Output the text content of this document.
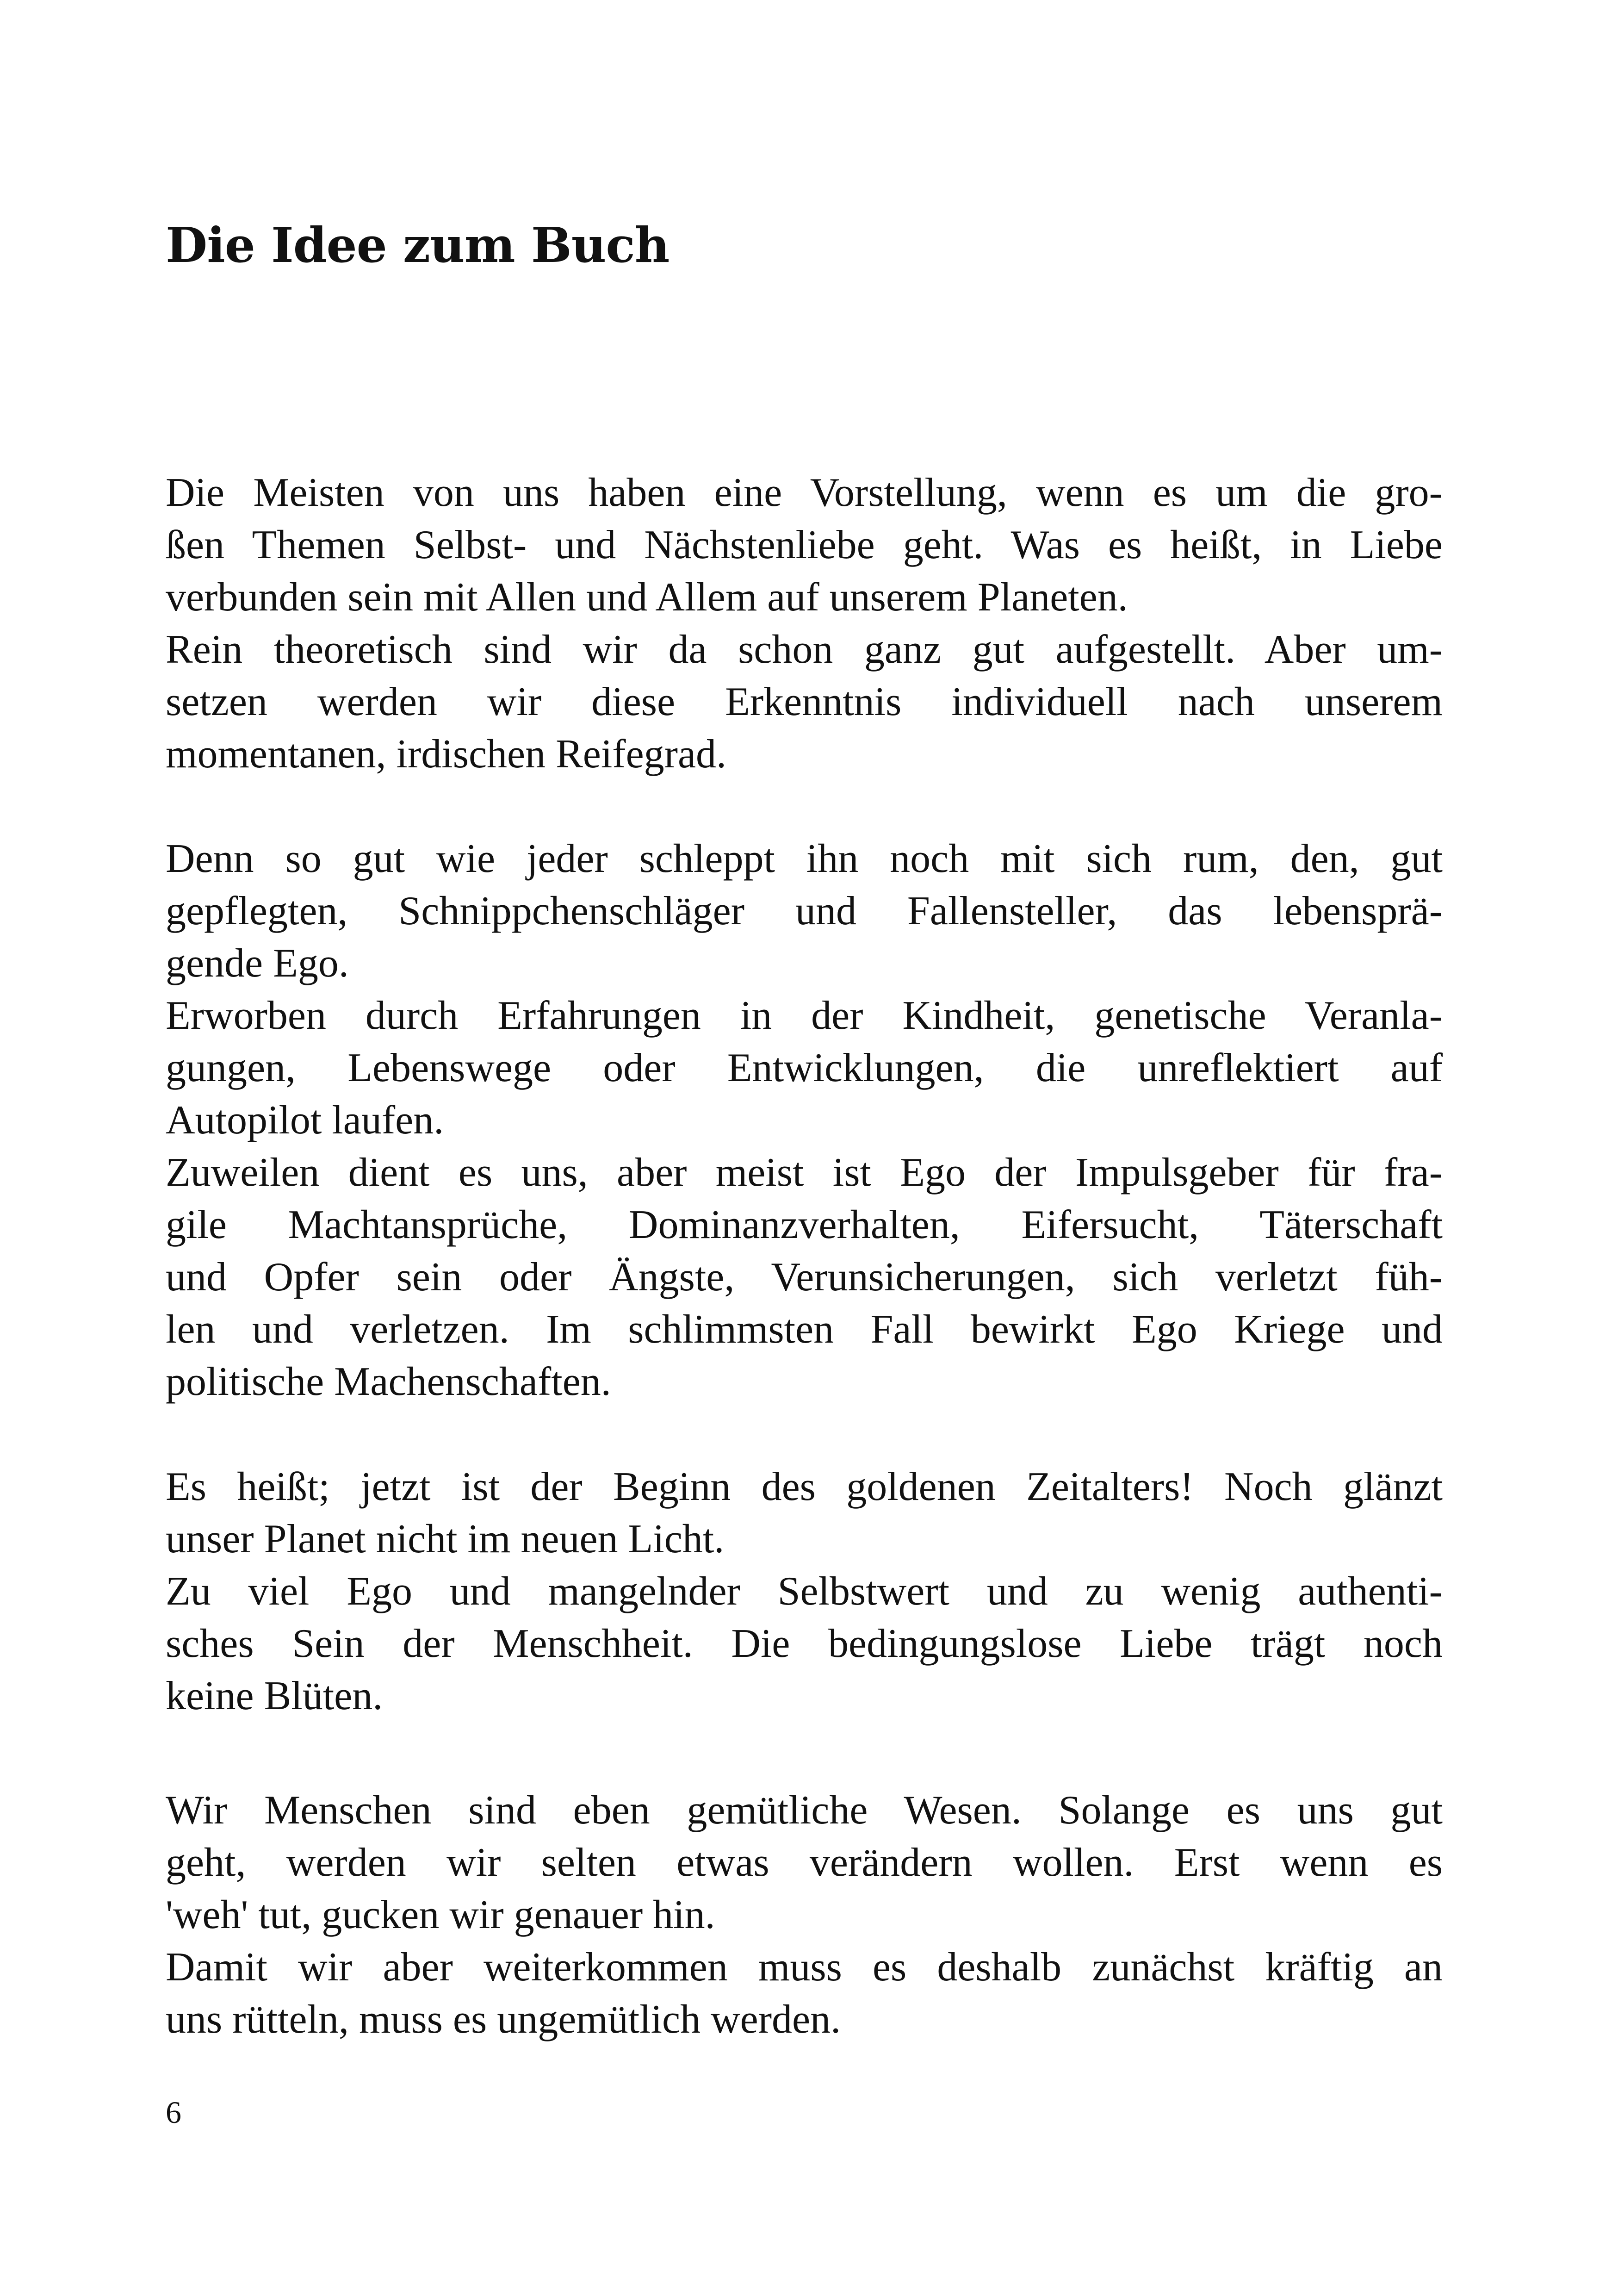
Die Idee zum Buch
Die Meisten von uns haben eine Vorstellung, wenn es um die gro-
ßen Themen Selbst- und Nächstenliebe geht. Was es heißt, in Liebe
verbunden sein mit Allen und Allem auf unserem Planeten.
Rein theoretisch sind wir da schon ganz gut aufgestellt. Aber um-
setzen werden wir diese Erkenntnis individuell nach unserem
momentanen, irdischen Reifegrad.
Denn so gut wie jeder schleppt ihn noch mit sich rum, den, gut
gepflegten, Schnippchenschläger und Fallensteller, das lebensprä-
gende Ego.
Erworben durch Erfahrungen in der Kindheit, genetische Veranla-
gungen, Lebenswege oder Entwicklungen, die unreflektiert auf
Autopilot laufen.
Zuweilen dient es uns, aber meist ist Ego der Impulsgeber für fra-
gile Machtansprüche, Dominanzverhalten, Eifersucht, Täterschaft
und Opfer sein oder Ängste, Verunsicherungen, sich verletzt füh-
len und verletzen. Im schlimmsten Fall bewirkt Ego Kriege und
politische Machenschaften.
Es heißt; jetzt ist der Beginn des goldenen Zeitalters! Noch glänzt
unser Planet nicht im neuen Licht.
Zu viel Ego und mangelnder Selbstwert und zu wenig authenti-
sches Sein der Menschheit. Die bedingungslose Liebe trägt noch
keine Blüten.
Wir Menschen sind eben gemütliche Wesen. Solange es uns gut
geht, werden wir selten etwas verändern wollen. Erst wenn es
'weh' tut, gucken wir genauer hin.
Damit wir aber weiterkommen muss es deshalb zunächst kräftig an
uns rütteln, muss es ungemütlich werden.
6
